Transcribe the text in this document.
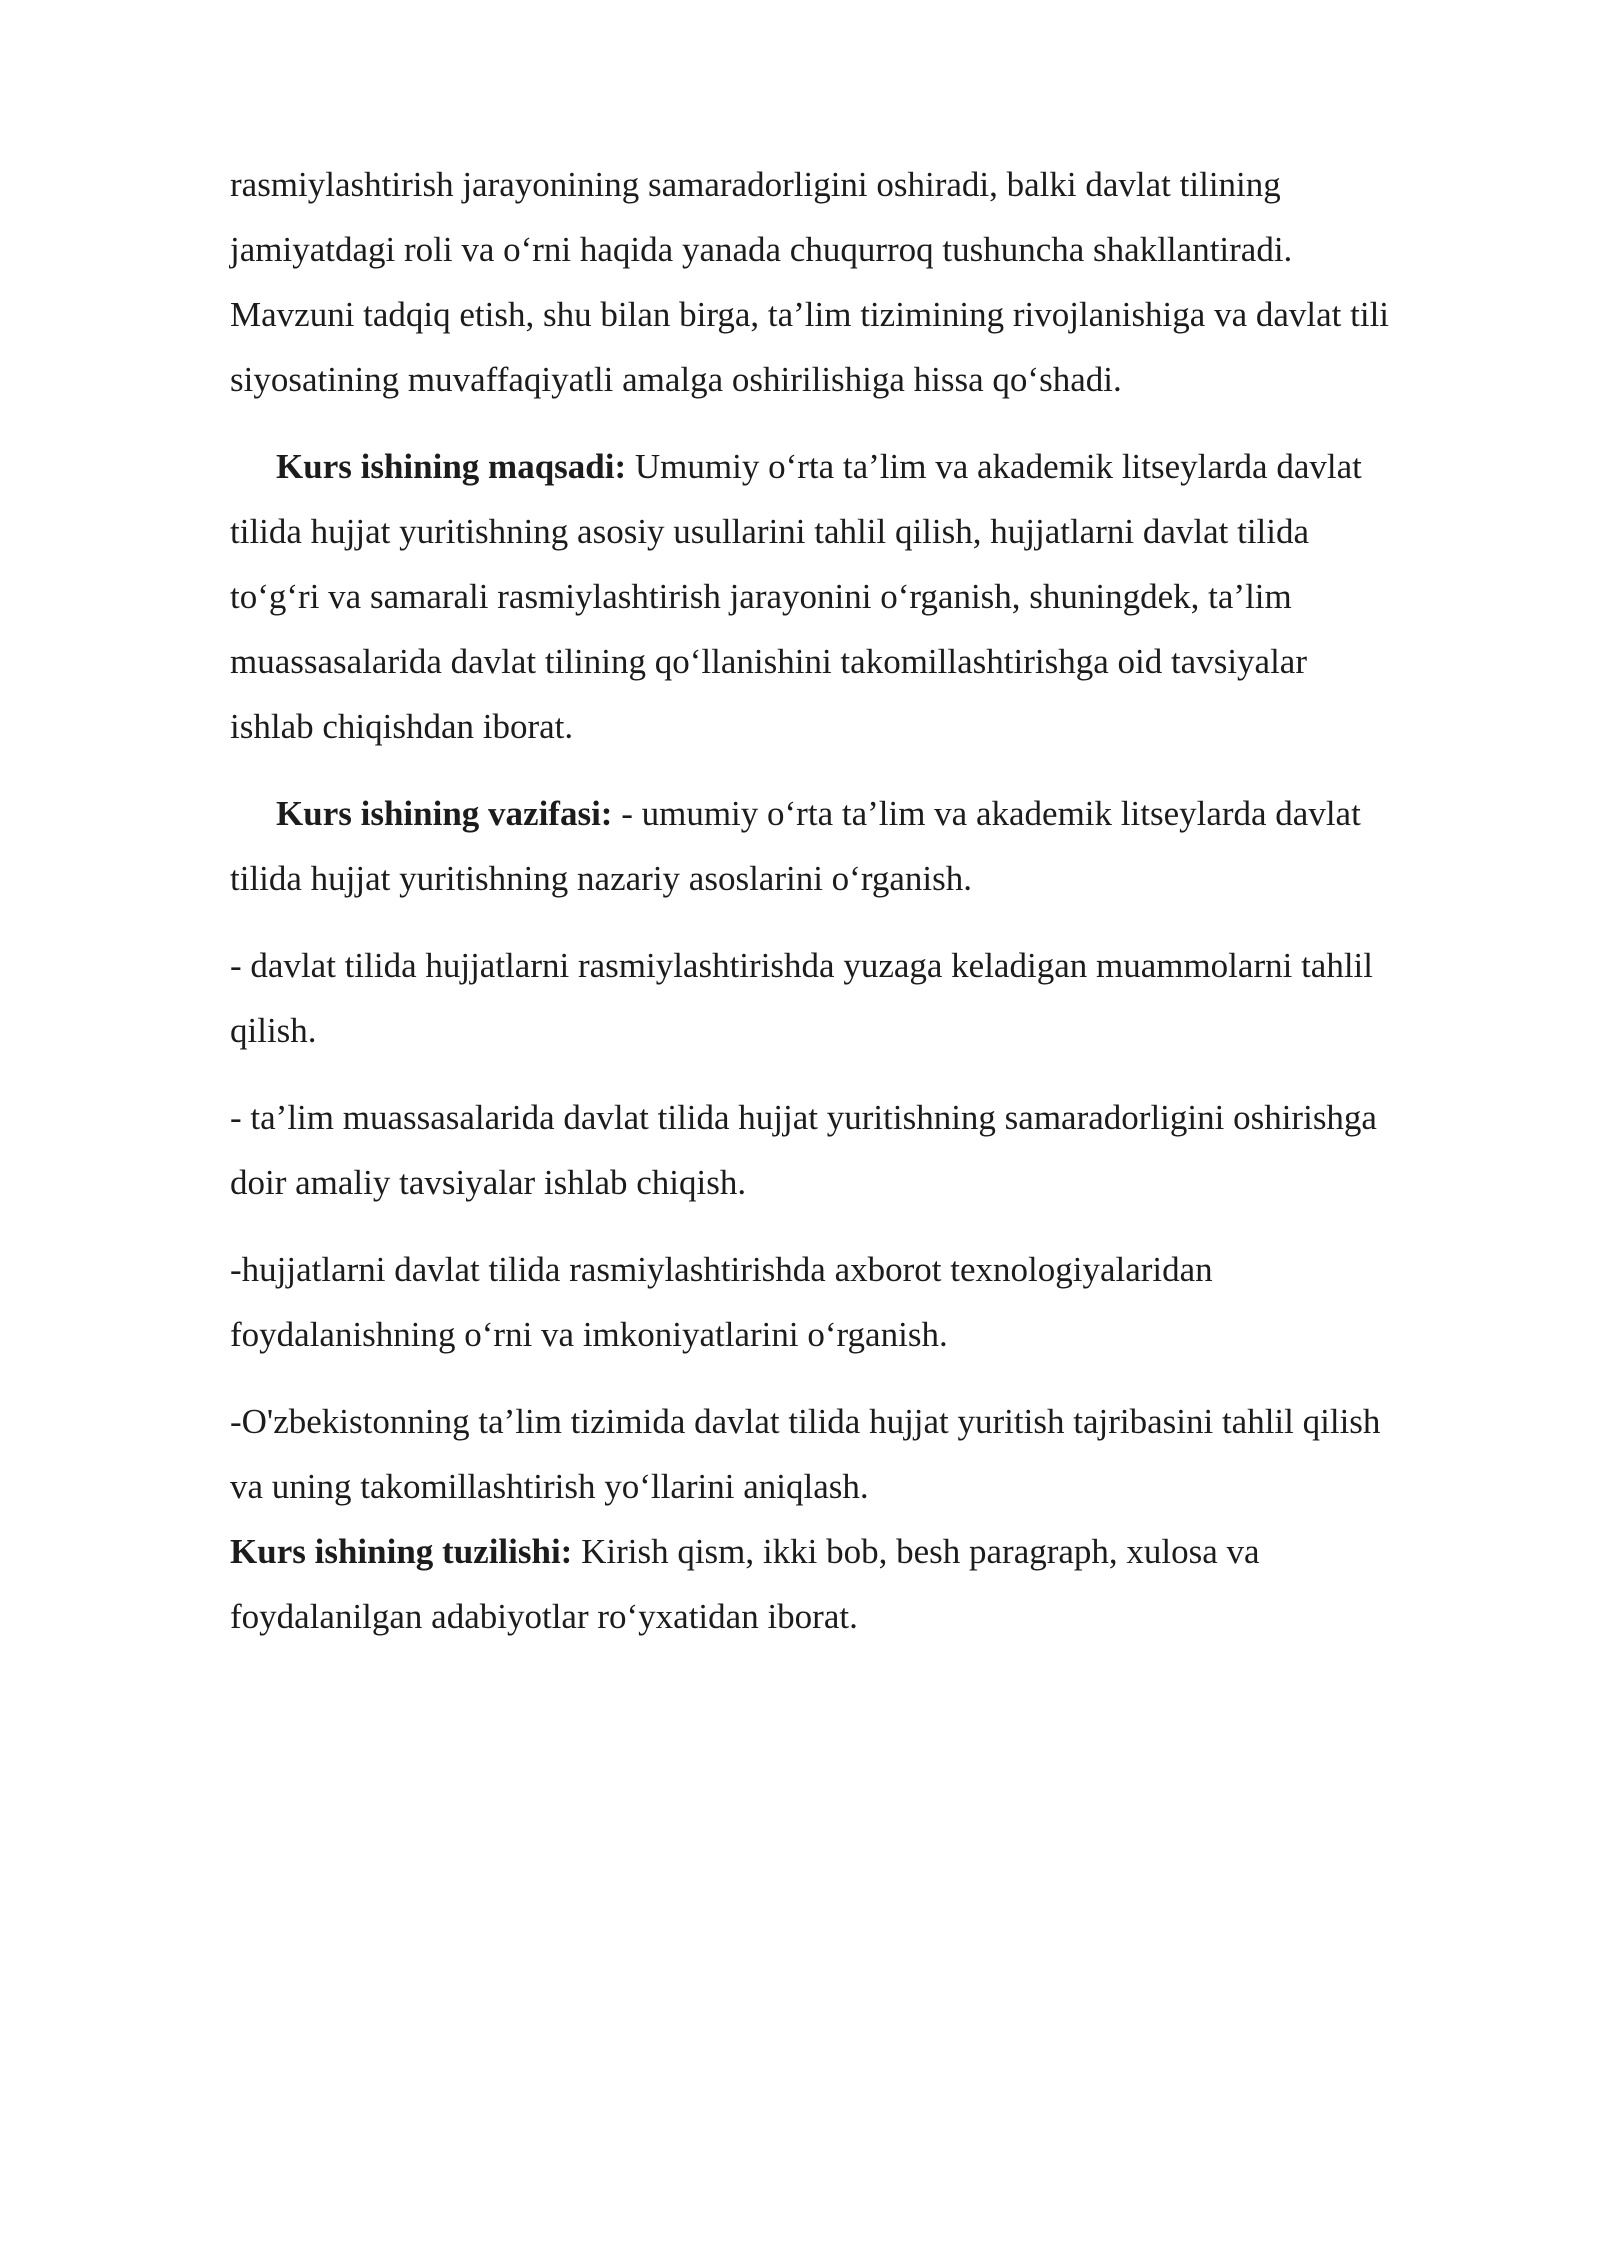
rasmiylashtirish jarayonining samaradorligini oshiradi, balki davlat tilining
jamiyatdagi roli va o‘rni haqida yanada chuqurroq tushuncha shakllantiradi.
Mavzuni tadqiq etish, shu bilan birga, ta’lim tizimining rivojlanishiga va davlat tili
siyosatining muvaffaqiyatli amalga oshirilishiga hissa qo‘shadi.

Kurs ishining maqsadi: Umumiy o‘rta ta’lim va akademik litseylarda davlat
tilida hujjat yuritishning asosiy usullarini tahlil qilish, hujjatlarni davlat tilida
to‘g‘ri va samarali rasmiylashtirish jarayonini o‘rganish, shuningdek, ta’lim
muassasalarida davlat tilining qo‘llanishini takomillashtirishga oid tavsiyalar
ishlab chiqishdan iborat.

Kurs ishining vazifasi: - umumiy o‘rta ta’lim va akademik litseylarda davlat
tilida hujjat yuritishning nazariy asoslarini o‘rganish.

- davlat tilida hujjatlarni rasmiylashtirishda yuzaga keladigan muammolarni tahlil
qilish.

- ta’lim muassasalarida davlat tilida hujjat yuritishning samaradorligini oshirishga
doir amaliy tavsiyalar ishlab chiqish.

-hujjatlarni davlat tilida rasmiylashtirishda axborot texnologiyalaridan
foydalanishning o‘rni va imkoniyatlarini o‘rganish.

-O'zbekistonning ta’lim tizimida davlat tilida hujjat yuritish tajribasini tahlil qilish
va uning takomillashtirish yo‘llarini aniqlash.

Kurs ishining tuzilishi: Kirish qism, ikki bob, besh paragraph, xulosa va
foydalanilgan adabiyotlar ro‘yxatidan iborat.
